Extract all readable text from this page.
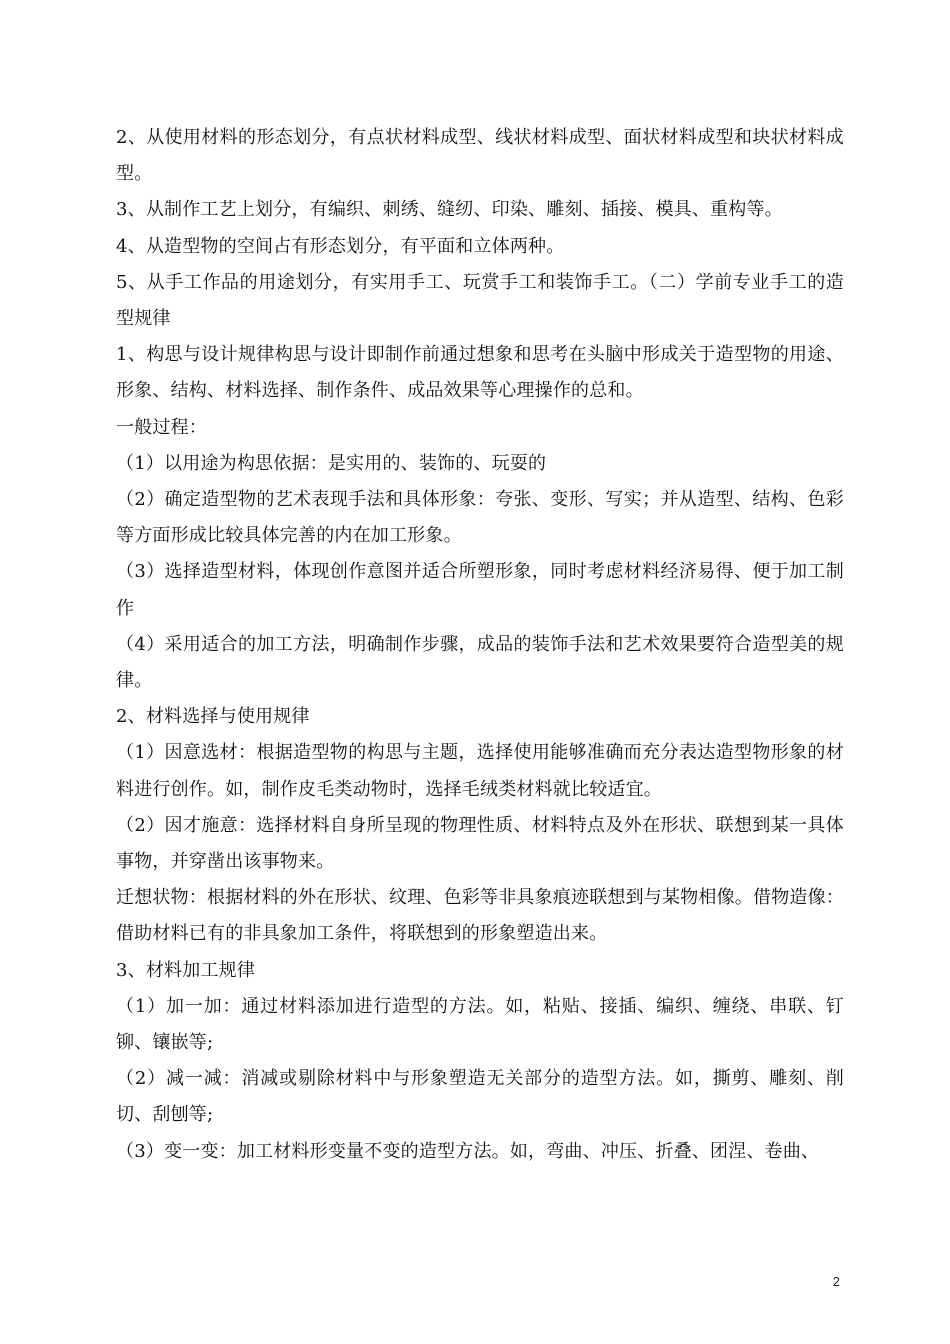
2、从使用材料的形态划分，有点状材料成型、线状材料成型、面状材料成型和块状材料成型。

3、从制作工艺上划分，有编织、刺绣、缝纫、印染、雕刻、插接、模具、重构等。

4、从造型物的空间占有形态划分，有平面和立体两种。

5、从手工作品的用途划分，有实用手工、玩赏手工和装饰手工。（二）学前专业手工的造型规律

1、构思与设计规律构思与设计即制作前通过想象和思考在头脑中形成关于造型物的用途、形象、结构、材料选择、制作条件、成品效果等心理操作的总和。

一般过程：

（1）以用途为构思依据：是实用的、装饰的、玩耍的

（2）确定造型物的艺术表现手法和具体形象：夸张、变形、写实；并从造型、结构、色彩等方面形成比较具体完善的内在加工形象。

（3）选择造型材料，体现创作意图并适合所塑形象，同时考虑材料经济易得、便于加工制作

（4）采用适合的加工方法，明确制作步骤，成品的装饰手法和艺术效果要符合造型美的规律。

2、材料选择与使用规律

（1）因意选材：根据造型物的构思与主题，选择使用能够准确而充分表达造型物形象的材料进行创作。如，制作皮毛类动物时，选择毛绒类材料就比较适宜。

（2）因才施意：选择材料自身所呈现的物理性质、材料特点及外在形状、联想到某一具体事物，并穿凿出该事物来。

迁想状物：根据材料的外在形状、纹理、色彩等非具象痕迹联想到与某物相像。借物造像：借助材料已有的非具象加工条件，将联想到的形象塑造出来。

3、材料加工规律

（1）加一加：通过材料添加进行造型的方法。如，粘贴、接插、编织、缠绕、串联、钉铆、镶嵌等;

（2）减一减：消减或剔除材料中与形象塑造无关部分的造型方法。如，撕剪、雕刻、削切、刮刨等;

（3）变一变：加工材料形变量不变的造型方法。如，弯曲、冲压、折叠、团涅、卷曲、

2
